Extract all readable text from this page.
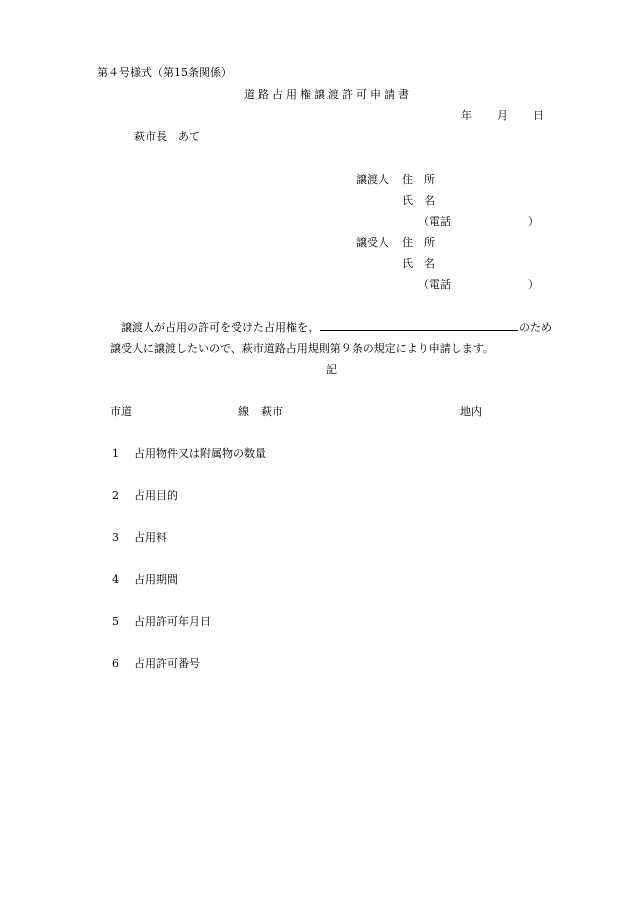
第４号様式（第15条関係）
道路占用権譲渡許可申請書
年 月 日
萩市長　あて
譲渡人 住　所
氏　名
（電話	）
譲受人 住　所
氏　名
（電話	）
譲渡人が占用の許可を受けた占用権を、	のため
譲受人に譲渡したいので、萩市道路占用規則第９条の規定により申請します。
記
市道	線 萩市	地内
1 占用物件又は附属物の数量
2 占用目的
3 占用料
4 占用期間
5 占用許可年月日
6 占用許可番号
